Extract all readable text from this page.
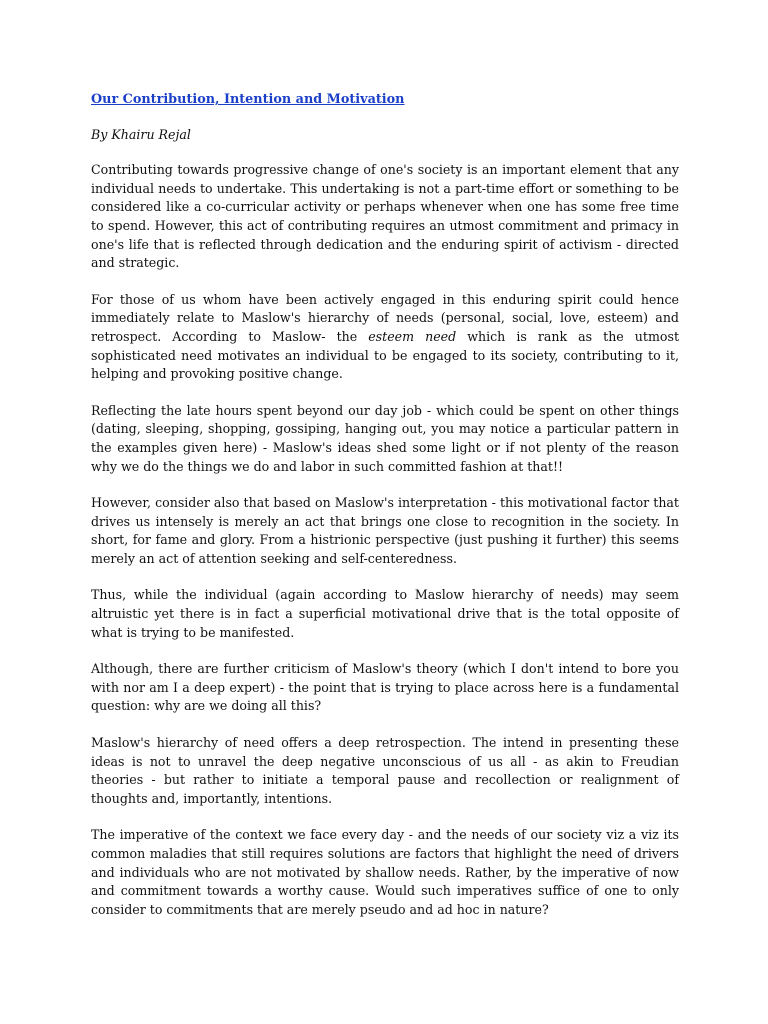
Our Contribution, Intention and Motivation

By Khairu Rejal

Contributing towards progressive change of one's society is an important element that any individual needs to undertake. This undertaking is not a part-time effort or something to be considered like a co-curricular activity or perhaps whenever when one has some free time to spend. However, this act of contributing requires an utmost commitment and primacy in one's life that is reflected through dedication and the enduring spirit of activism - directed and strategic.

For those of us whom have been actively engaged in this enduring spirit could hence immediately relate to Maslow's hierarchy of needs (personal, social, love, esteem) and retrospect. According to Maslow- the esteem need which is rank as the utmost sophisticated need motivates an individual to be engaged to its society, contributing to it, helping and provoking positive change.

Reflecting the late hours spent beyond our day job - which could be spent on other things (dating, sleeping, shopping, gossiping, hanging out, you may notice a particular pattern in the examples given here) - Maslow's ideas shed some light or if not plenty of the reason why we do the things we do and labor in such committed fashion at that!!

However, consider also that based on Maslow's interpretation - this motivational factor that drives us intensely is merely an act that brings one close to recognition in the society. In short, for fame and glory. From a histrionic perspective (just pushing it further) this seems merely an act of attention seeking and self-centeredness.

Thus, while the individual (again according to Maslow hierarchy of needs) may seem altruistic yet there is in fact a superficial motivational drive that is the total opposite of what is trying to be manifested.

Although, there are further criticism of Maslow's theory (which I don't intend to bore you with nor am I a deep expert) - the point that is trying to place across here is a fundamental question: why are we doing all this?

Maslow's hierarchy of need offers a deep retrospection. The intend in presenting these ideas is not to unravel the deep negative unconscious of us all - as akin to Freudian theories - but rather to initiate a temporal pause and recollection or realignment of thoughts and, importantly, intentions.

The imperative of the context we face every day - and the needs of our society viz a viz its common maladies that still requires solutions are factors that highlight the need of drivers and individuals who are not motivated by shallow needs. Rather, by the imperative of now and commitment towards a worthy cause. Would such imperatives suffice of one to only consider to commitments that are merely pseudo and ad hoc in nature?
